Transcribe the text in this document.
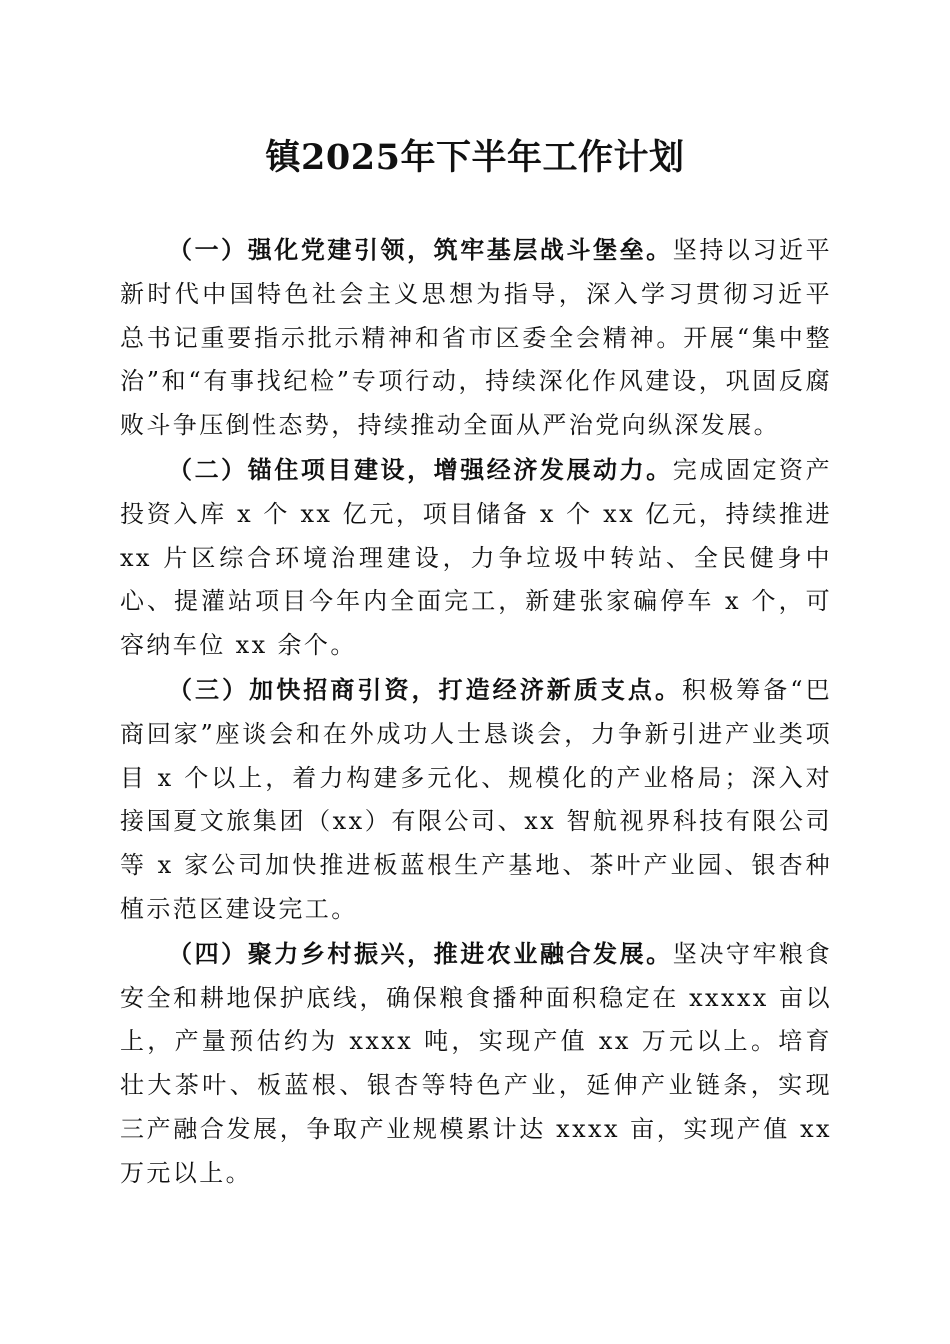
镇2025年下半年工作计划

（一）强化党建引领，筑牢基层战斗堡垒。坚持以习近平新时代中国特色社会主义思想为指导，深入学习贯彻习近平总书记重要指示批示精神和省市区委全会精神。开展“集中整治”和“有事找纪检”专项行动，持续深化作风建设，巩固反腐败斗争压倒性态势，持续推动全面从严治党向纵深发展。

（二）锚住项目建设，增强经济发展动力。完成固定资产投资入库 x 个 xx 亿元，项目储备 x 个 xx 亿元，持续推进 xx 片区综合环境治理建设，力争垃圾中转站、全民健身中心、提灌站项目今年内全面完工，新建张家碥停车 x 个，可容纳车位 xx 余个。

（三）加快招商引资，打造经济新质支点。积极筹备“巴商回家”座谈会和在外成功人士恳谈会，力争新引进产业类项目 x 个以上，着力构建多元化、规模化的产业格局；深入对接国夏文旅集团（xx）有限公司、xx 智航视界科技有限公司等 x 家公司加快推进板蓝根生产基地、茶叶产业园、银杏种植示范区建设完工。

（四）聚力乡村振兴，推进农业融合发展。坚决守牢粮食安全和耕地保护底线，确保粮食播种面积稳定在 xxxxx 亩以上，产量预估约为 xxxx 吨，实现产值 xx 万元以上。培育壮大茶叶、板蓝根、银杏等特色产业，延伸产业链条，实现三产融合发展，争取产业规模累计达 xxxx 亩，实现产值 xx 万元以上。
